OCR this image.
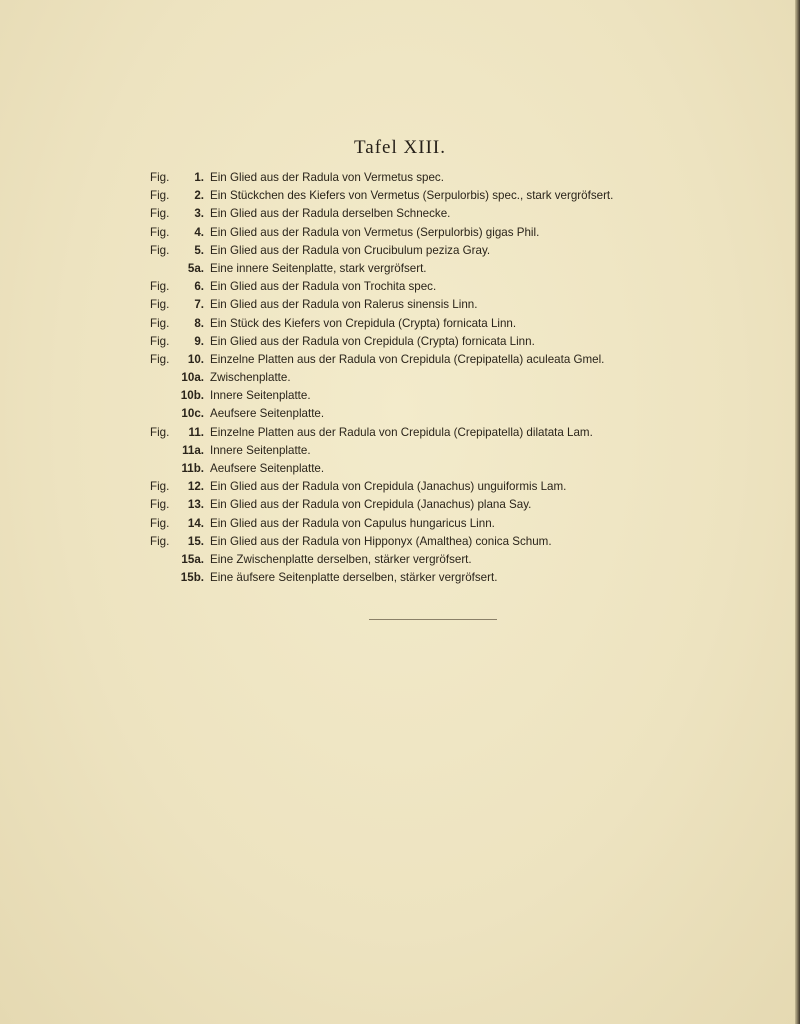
Tafel XIII.
Fig.	1. Ein Glied aus der Radula von Vermetus spec.
Fig.	2. Ein Stückchen des Kiefers von Vermetus (Serpulorbis) spec., stark vergröfsert.
Fig.	3. Ein Glied aus der Radula derselben Schnecke.
Fig.	4. Ein Glied aus der Radula von Vermetus (Serpulorbis) gigas Phil.
Fig.	5. Ein Glied aus der Radula von Crucibulum peziza Gray.
5a. Eine innere Seitenplatte, stark vergröfsert.
Fig.	6. Ein Glied aus der Radula von Trochita spec.
Fig.	7. Ein Glied aus der Radula von Ralerus sinensis Linn.
Fig.	8. Ein Stück des Kiefers von Crepidula (Crypta) fornicata Linn.
Fig.	9. Ein Glied aus der Radula von Crepidula (Crypta) fornicata Linn.
Fig.	10. Einzelne Platten aus der Radula von Crepidula (Crepipatella) aculeata Gmel.
10a. Zwischenplatte.
10b. Innere Seitenplatte.
10c. Aeufsere Seitenplatte.
Fig.	11. Einzelne Platten aus der Radula von Crepidula (Crepipatella) dilatata Lam.
11a. Innere Seitenplatte.
11b. Aeufsere Seitenplatte.
Fig.	12. Ein Glied aus der Radula von Crepidula (Janachus) unguiformis Lam.
Fig.	13. Ein Glied aus der Radula von Crepidula (Janachus) plana Say.
Fig.	14. Ein Glied aus der Radula von Capulus hungaricus Linn.
Fig.	15. Ein Glied aus der Radula von Hipponyx (Amalthea) conica Schum.
15a. Eine Zwischenplatte derselben, stärker vergröfsert.
15b. Eine äufsere Seitenplatte derselben, stärker vergröfsert.
